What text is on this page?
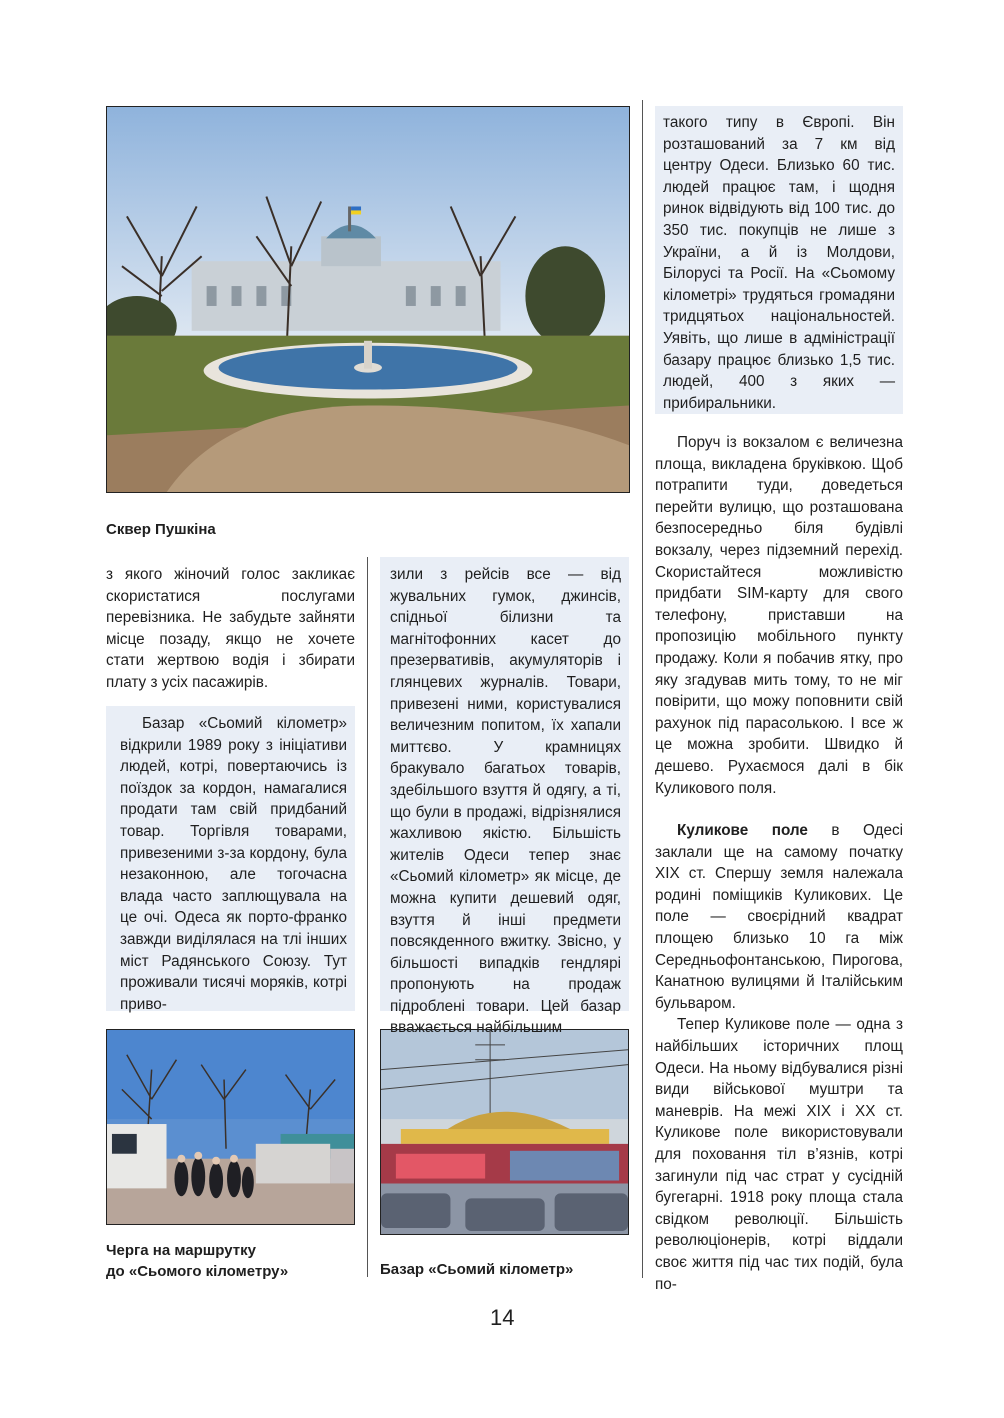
Сквер Пушкіна
Черга на маршрутку
до «Сьомого кілометру»	Базар «Сьомий кілометр»
з якого жіночий голос закликає скористатися послугами перевізника. Не забудьте зайняти місце позаду, якщо не хочете стати жертвою водія і збирати плату з усіх пасажирів.
Базар «Сьомий кілометр» відкрили 1989 року з ініціативи людей, котрі, повертаючись із поїздок за кордон, намагалися продати там свій придбаний товар. Торгівля товарами, привезеними з-за кордону, була незаконною, але тогочасна влада часто заплющувала на це очі. Одеса як порто-франко завжди виділялася на тлі інших міст Радянського Союзу. Тут проживали тисячі моряків, котрі приво-
зили з рейсів все — від жувальних гумок, джинсів, спідньої білизни та магнітофонних касет до презервативів, акумуляторів і глянцевих журналів. Товари, привезені ними, користувалися величезним попитом, їх хапали миттєво. У крамницях бракувало багатьох товарів, здебільшого взуття й одягу, а ті, що були в продажі, відрізнялися жахливою якістю. Більшість жителів Одеси тепер знає «Сьомий кілометр» як місце, де можна купити дешевий одяг, взуття й інші предмети повсякденного вжитку. Звісно, у більшості випадків гендлярі пропонують на продаж підроблені товари. Цей базар вважається найбільшим
такого типу в Європі. Він розташований за 7 км від центру Одеси. Близько 60 тис. людей працює там, і щодня ринок відвідують від 100 тис. до 350 тис. покупців не лише з України, а й із Молдови, Білорусі та Росії. На «Сьомому кілометрі» трудяться громадяни тридцятьох національностей. Уявіть, що лише в адміністрації базару працює близько 1,5 тис. людей, 400 з яких — прибиральники.

Поруч із вокзалом є величезна площа, викладена бруківкою. Щоб потрапити туди, доведеться перейти вулицю, що розташована безпосередньо біля будівлі вокзалу, через підземний перехід. Скористайтеся можливістю придбати SIM-карту для свого телефону, приставши на пропозицію мобільного пункту продажу. Коли я побачив ятку, про яку згадував мить тому, то не міг повірити, що можу поповнити свій рахунок під парасолькою. І все ж це можна зробити. Швидко й дешево. Рухаємося далі в бік Куликового поля.

Куликове поле в Одесі заклали ще на самому початку XIX ст. Спершу земля належала родині поміщиків Куликових. Це поле — своєрідний квадрат площею близько 10 га між Середньофонтанською, Пирогова, Канатною вулицями й Італійським бульваром.

Тепер Куликове поле — одна з найбільших історичних площ Одеси. На ньому відбувалися різні види військової муштри та маневрів. На межі XIX і XX ст. Куликове поле використовували для поховання тіл в’язнів, котрі загинули під час страт у сусідній бугегарні. 1918 року площа стала свідком революції. Більшість революціонерів, котрі віддали своє життя під час тих подій, була по-

14
